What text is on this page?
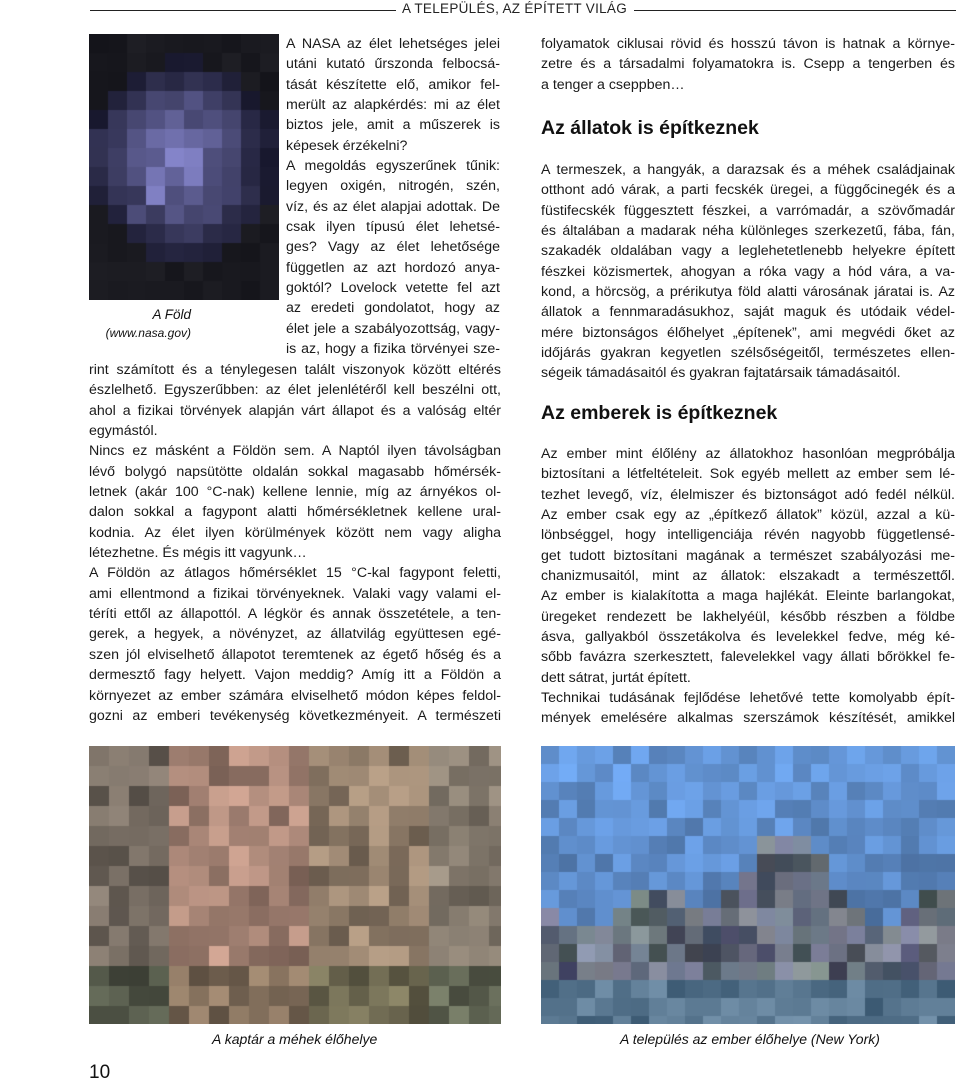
A TELEPÜLÉS, AZ ÉPÍTETT VILÁG
A Föld
(www.nasa.gov)

A NASA az élet lehetséges jelei
utáni kutató űrszonda felbocsá-
tását készítette elő, amikor fel-
merült az alapkérdés: mi az élet
biztos jele, amit a műszerek is
képesek érzékelni?
A megoldás egyszerűnek tűnik:
legyen oxigén, nitrogén, szén,
víz, és az élet alapjai adottak. De
csak ilyen típusú élet lehetsé-
ges? Vagy az élet lehetősége
független az azt hordozó anya-
goktól? Lovelock vetette fel azt
az eredeti gondolatot, hogy az
élet jele a szabályozottság, vagy-
is az, hogy a fizika törvényei sze-

rint számított és a ténylegesen talált viszonyok között eltérés
észlelhető. Egyszerűbben: az élet jelenlétéről kell beszélni ott,
ahol a fizikai törvények alapján várt állapot és a valóság eltér
egymástól.
Nincs ez másként a Földön sem. A Naptól ilyen távolságban
lévő bolygó napsütötte oldalán sokkal magasabb hőmérsék-
letnek (akár 100 °C-nak) kellene lennie, míg az árnyékos ol-
dalon sokkal a fagypont alatti hőmérsékletnek kellene ural-
kodnia. Az élet ilyen körülmények között nem vagy aligha
létezhetne. És mégis itt vagyunk…
A Földön az átlagos hőmérséklet 15 °C-kal fagypont feletti,
ami ellentmond a fizikai törvényeknek. Valaki vagy valami el-
téríti ettől az állapottól. A légkör és annak összetétele, a ten-
gerek, a hegyek, a növényzet, az állatvilág együttesen egé-
szen jól elviselhető állapotot teremtenek az égető hőség és a
dermesztő fagy helyett. Vajon meddig? Amíg itt a Földön a
környezet az ember számára elviselhető módon képes feldol-
gozni az emberi tevékenység következményeit. A természeti

folyamatok ciklusai rövid és hosszú távon is hatnak a környe-
zetre és a társadalmi folyamatokra is. Csepp a tengerben és
a tenger a cseppben…

Az állatok is építkeznek

A termeszek, a hangyák, a darazsak és a méhek családjainak
otthont adó várak, a parti fecskék üregei, a függőcinegék és a
füstifecskék függesztett fészkei, a varrómadár, a szövőmadár
és általában a madarak néha különleges szerkezetű, fába, fán,
szakadék oldalában vagy a leglehetetlenebb helyekre épített
fészkei közismertek, ahogyan a róka vagy a hód vára, a va-
kond, a hörcsög, a prérikutya föld alatti városának járatai is. Az
állatok a fennmaradásukhoz, saját maguk és utódaik védel-
mére biztonságos élőhelyet „építenek”, ami megvédi őket az
időjárás gyakran kegyetlen szélsőségeitől, természetes ellen-
ségeik támadásaitól és gyakran fajtatársaik támadásaitól.

Az emberek is építkeznek

Az ember mint élőlény az állatokhoz hasonlóan megpróbálja
biztosítani a létfeltételeit. Sok egyéb mellett az ember sem lé-
tezhet levegő, víz, élelmiszer és biztonságot adó fedél nélkül.
Az ember csak egy az „építkező állatok” közül, azzal a kü-
lönbséggel, hogy intelligenciája révén nagyobb függetlensé-
get tudott biztosítani magának a természet szabályozási me-
chanizmusaitól, mint az állatok: elszakadt a természettől.
Az ember is kialakította a maga hajlékát. Eleinte barlangokat,
üregeket rendezett be lakhelyéül, később részben a földbe
ásva, gallyakból összetákolva és levelekkel fedve, még ké-
sőbb favázra szerkesztett, falevelekkel vagy állati bőrökkel fe-
dett sátrat, jurtát épített.
Technikai tudásának fejlődése lehetővé tette komolyabb épít-
mények emelésére alkalmas szerszámok készítését, amikkel

A kaptár a méhek élőhelye	A település az ember élőhelye (New York)
10
